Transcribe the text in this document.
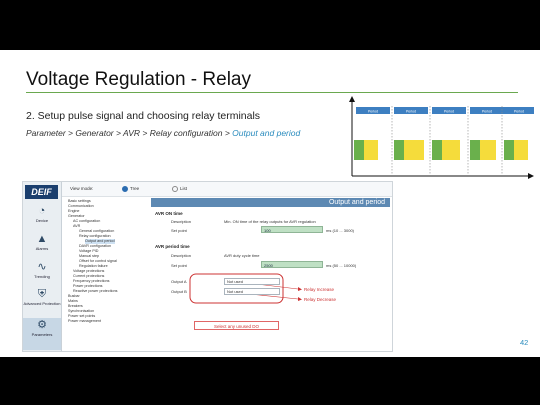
Voltage Regulation - Relay
2. Setup pulse signal and choosing relay terminals
Parameter > Generator > AVR > Relay configuration > Output and period
Period	Period	Period	Period	Period
DEIF
◔
Device
▲
Alarms
∿
Trending
⛨
Advanced Protection
⚙
Parameters
View mode:	Tree	List
Basic settings
Communication
Engine
Generator
AC configuration
AVR
General configuration
Relay configuration
Output and period
DAVR configuration
Voltage PID
Manual step
Offset for control signal
Regulation failure
Voltage protections
Current protections
Frequency protections
Power protections
Reactive power protections
Busbar
Mains
Breakers
Synchronisation
Power set points
Power management
Output and period
AVR ON time
Description	Min. ON time of the relay outputs for AVR regulation
Set point	100	ms (10 ... 3000)
AVR period time
Description	AVR duty cycle time
Set point	2500	ms (50 ... 10000)
Output A	Not used
Output B	Not used	Relay Increase
Relay Decrease
Select any unused DO
42
